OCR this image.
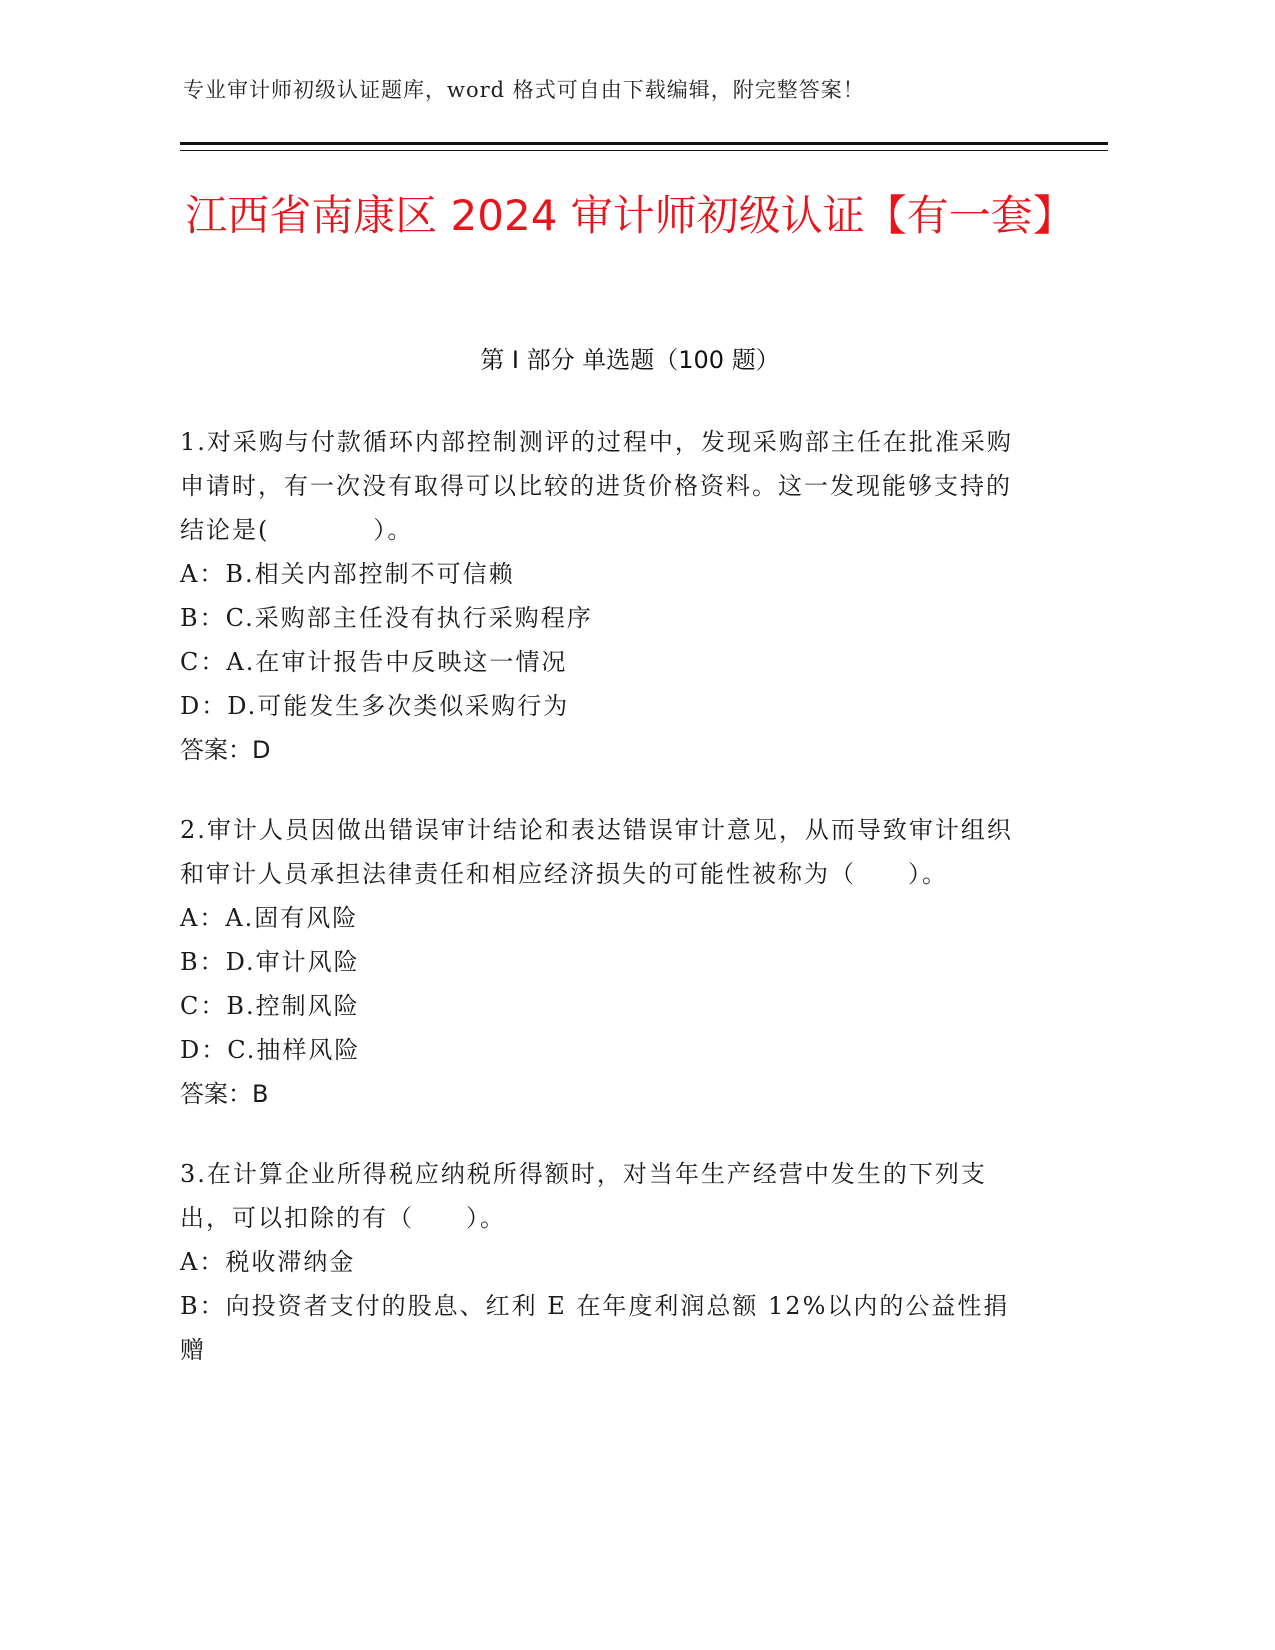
专业审计师初级认证题库，word 格式可自由下载编辑，附完整答案！
江西省南康区 2024 审计师初级认证【有一套】
第 I 部分 单选题（100 题）

1.对采购与付款循环内部控制测评的过程中，发现采购部主任在批准采购申请时，有一次没有取得可以比较的进货价格资料。这一发现能够支持的结论是(　　　　）。

A：B.相关内部控制不可信赖

B：C.采购部主任没有执行采购程序

C：A.在审计报告中反映这一情况

D：D.可能发生多次类似采购行为

答案：D

2.审计人员因做出错误审计结论和表达错误审计意见，从而导致审计组织和审计人员承担法律责任和相应经济损失的可能性被称为（　　）。

A：A.固有风险

B：D.审计风险

C：B.控制风险

D：C.抽样风险

答案：B

3.在计算企业所得税应纳税所得额时，对当年生产经营中发生的下列支出，可以扣除的有（　　）。

A：税收滞纳金

B：向投资者支付的股息、红利 E 在年度利润总额 12%以内的公益性捐赠
